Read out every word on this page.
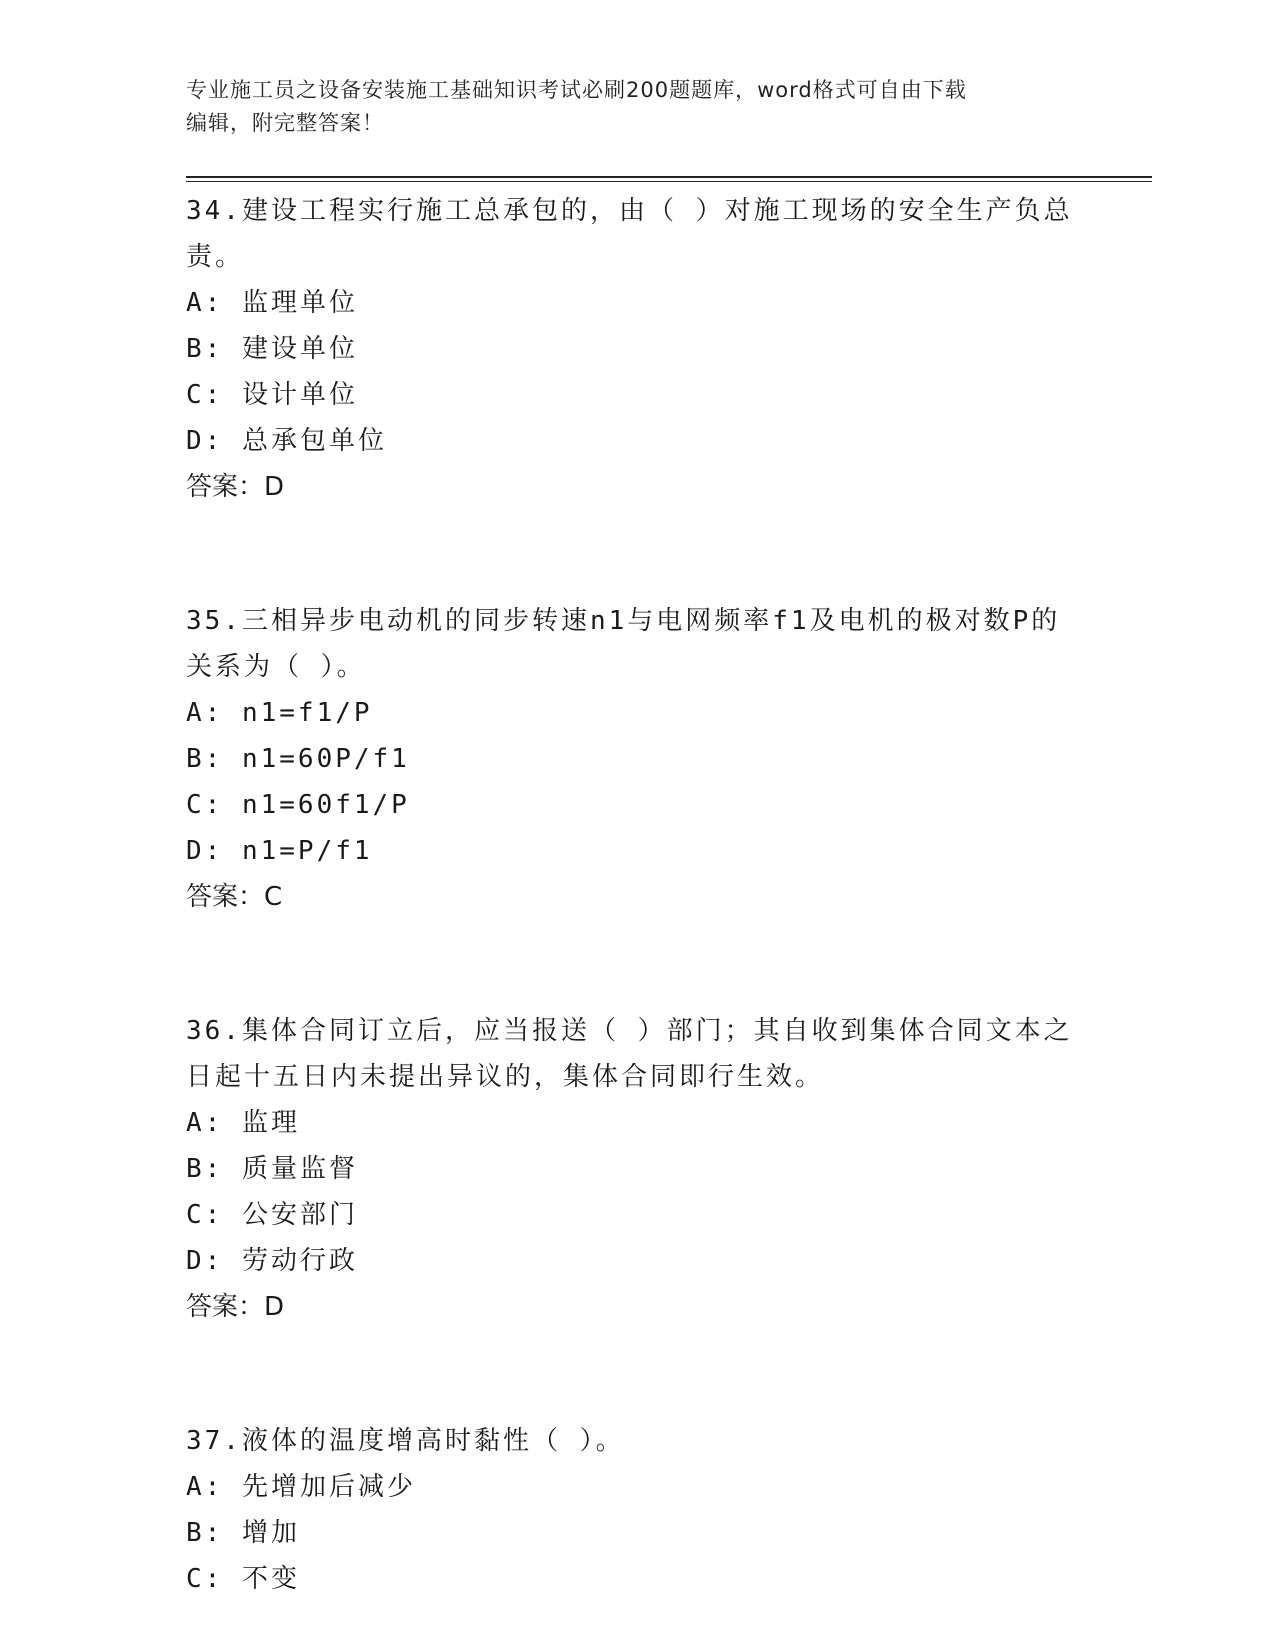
专业施工员之设备安装施工基础知识考试必刷200题题库，word格式可自由下载
编辑，附完整答案！

34.建设工程实行施工总承包的，由（ ）对施工现场的安全生产负总

责。

A: 监理单位

B: 建设单位

C: 设计单位

D: 总承包单位

答案：D

35.三相异步电动机的同步转速n1与电网频率f1及电机的极对数P的

关系为（ ）。

A: n1=f1/P

B: n1=60P/f1

C: n1=60f1/P

D: n1=P/f1

答案：C

36.集体合同订立后，应当报送（ ）部门；其自收到集体合同文本之

日起十五日内未提出异议的，集体合同即行生效。

A: 监理

B: 质量监督

C: 公安部门

D: 劳动行政

答案：D

37.液体的温度增高时黏性（ ）。

A: 先增加后减少

B: 增加

C: 不变
